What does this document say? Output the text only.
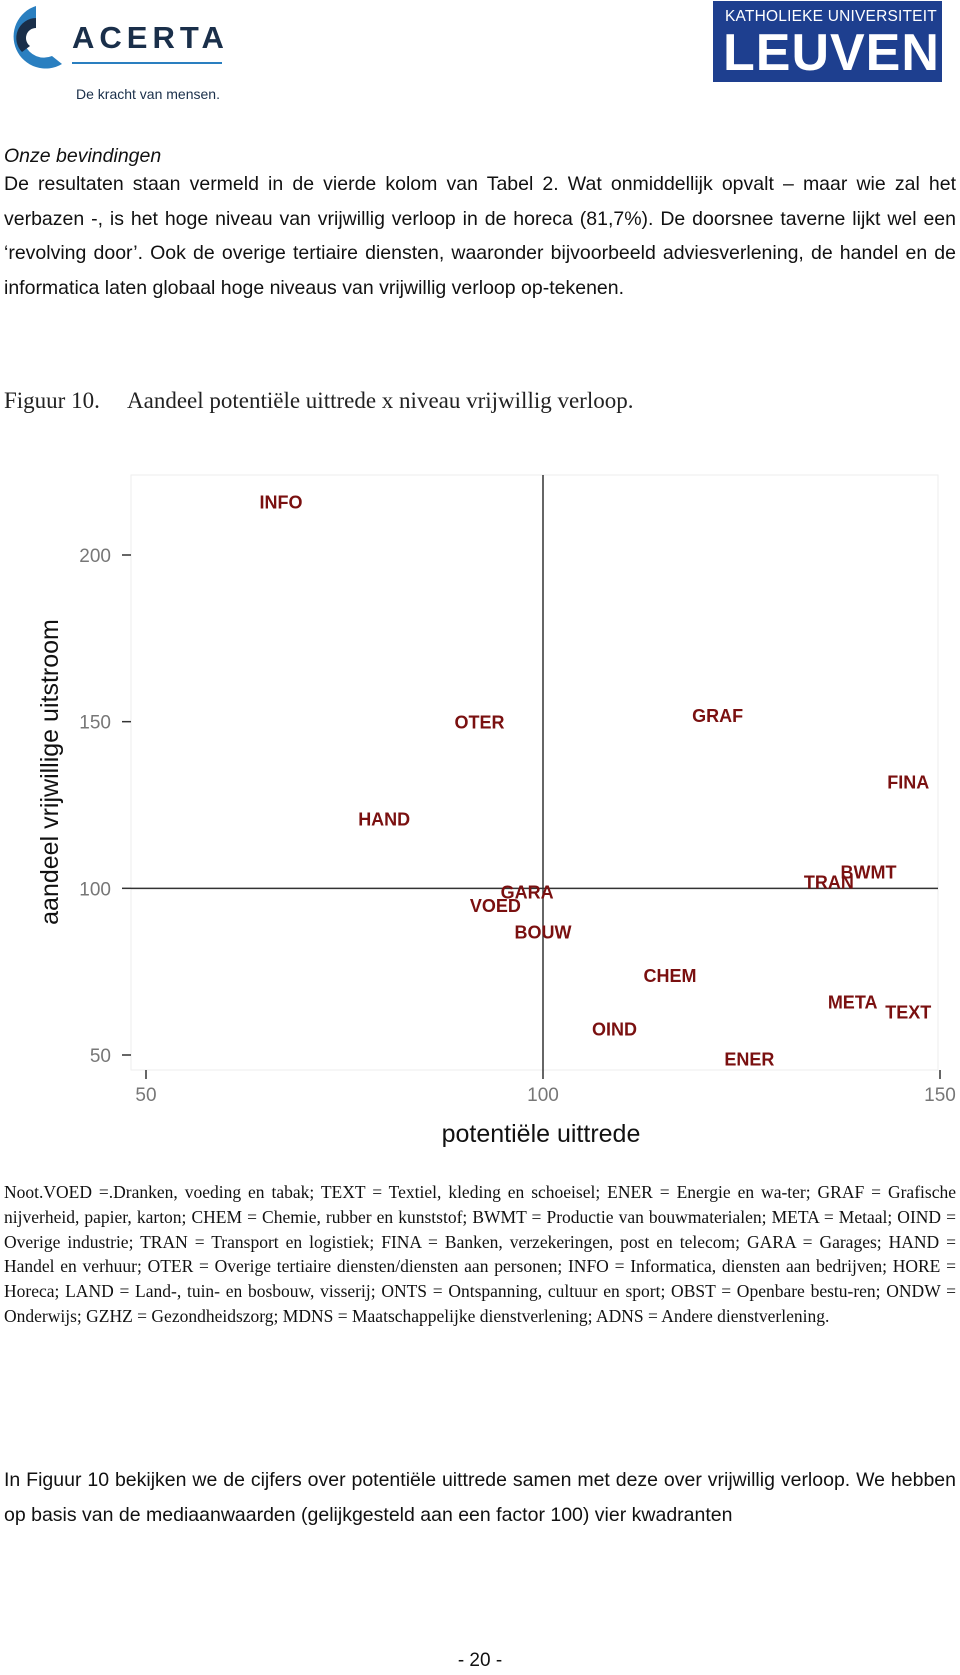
ACERTA
De kracht van mensen.
KATHOLIEKE UNIVERSITEIT
LEUVEN
Onze bevindingen
De resultaten staan vermeld in de vierde kolom van Tabel 2. Wat onmiddellijk opvalt – maar wie zal het verbazen -, is het hoge niveau van vrijwillig verloop in de horeca (81,7%). De doorsnee taverne lijkt wel een ‘revolving door’. Ook de overige tertiaire diensten, waaronder bijvoorbeeld adviesverlening, de handel en de informatica laten globaal hoge niveaus van vrijwillig verloop op-tekenen.
Figuur 10. Aandeel potentiële uittrede x niveau vrijwillig verloop.
50
100
150
200
50	100	150
potentiële uittrede
aandeel vrijwillige uitstroom
INFO
OTER	GRAF
FINA
HAND
BWMT
TRAN
GARA
VOED
BOUW
CHEM
META TEXT
OIND
ENER
Noot.VOED =.Dranken, voeding en tabak; TEXT = Textiel, kleding en schoeisel; ENER = Energie en wa-ter; GRAF = Grafische nijverheid, papier, karton; CHEM = Chemie, rubber en kunststof; BWMT = Productie van bouwmaterialen; META = Metaal; OIND = Overige industrie; TRAN = Transport en logistiek; FINA = Banken, verzekeringen, post en telecom; GARA = Garages; HAND = Handel en verhuur; OTER = Overige tertiaire diensten/diensten aan personen; INFO = Informatica, diensten aan bedrijven; HORE = Horeca; LAND = Land-, tuin- en bosbouw, visserij; ONTS = Ontspanning, cultuur en sport; OBST = Openbare bestu-ren; ONDW = Onderwijs; GZHZ = Gezondheidszorg; MDNS = Maatschappelijke dienstverlening; ADNS = Andere dienstverlening.
In Figuur 10 bekijken we de cijfers over potentiële uittrede samen met deze over vrijwillig verloop. We hebben op basis van de mediaanwaarden (gelijkgesteld aan een factor 100) vier kwadranten
- 20 -
